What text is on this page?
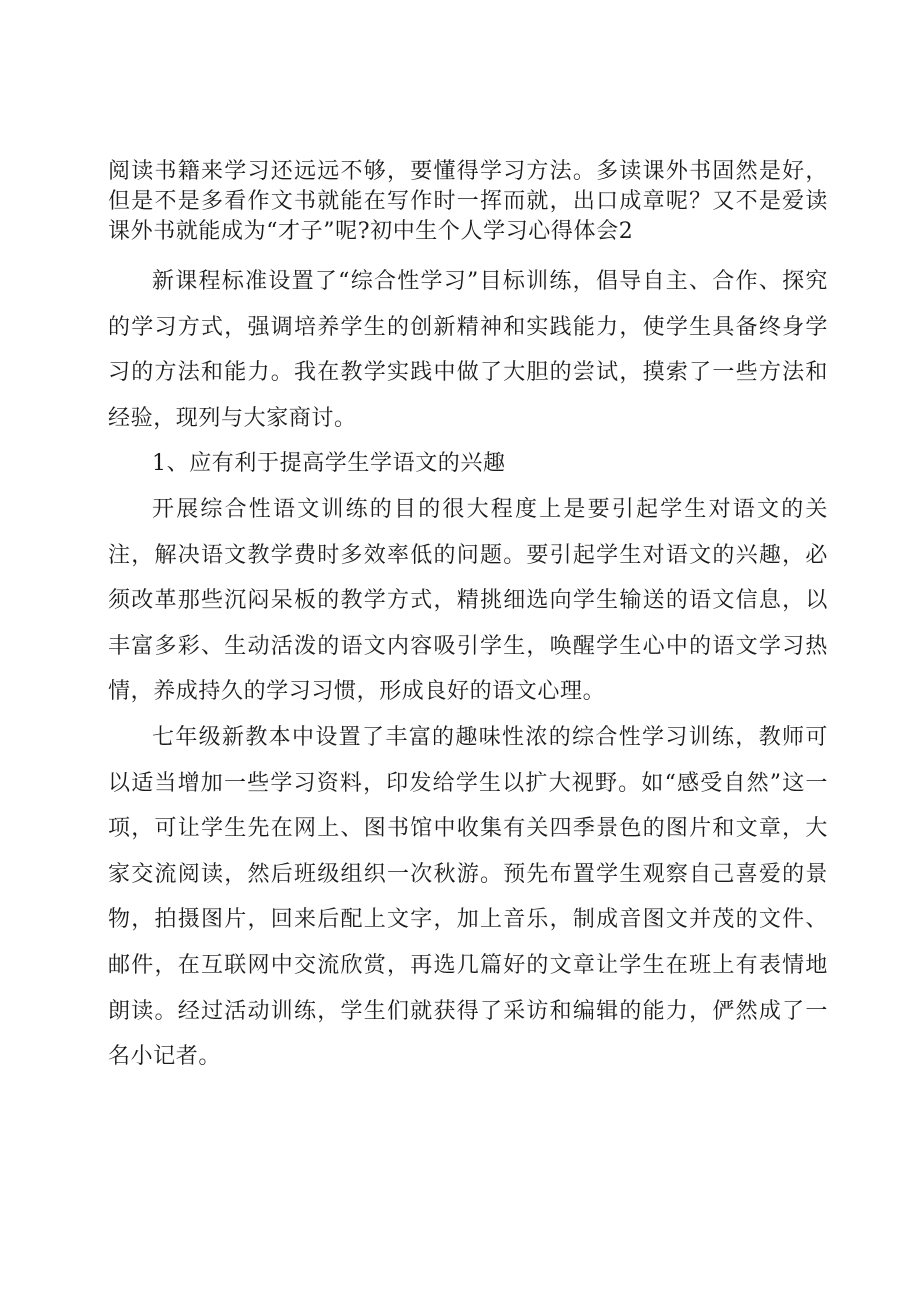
阅读书籍来学习还远远不够，要懂得学习方法。多读课外书固然是好，但是不是多看作文书就能在写作时一挥而就，出口成章呢？又不是爱读课外书就能成为“才子”呢?初中生个人学习心得体会2

新课程标准设置了“综合性学习”目标训练，倡导自主、合作、探究的学习方式，强调培养学生的创新精神和实践能力，使学生具备终身学习的方法和能力。我在教学实践中做了大胆的尝试，摸索了一些方法和经验，现列与大家商讨。

1、应有利于提高学生学语文的兴趣

开展综合性语文训练的目的很大程度上是要引起学生对语文的关注，解决语文教学费时多效率低的问题。要引起学生对语文的兴趣，必须改革那些沉闷呆板的教学方式，精挑细选向学生输送的语文信息，以丰富多彩、生动活泼的语文内容吸引学生，唤醒学生心中的语文学习热情，养成持久的学习习惯，形成良好的语文心理。

七年级新教本中设置了丰富的趣味性浓的综合性学习训练，教师可以适当增加一些学习资料，印发给学生以扩大视野。如“感受自然”这一项，可让学生先在网上、图书馆中收集有关四季景色的图片和文章，大家交流阅读，然后班级组织一次秋游。预先布置学生观察自己喜爱的景物，拍摄图片，回来后配上文字，加上音乐，制成音图文并茂的文件、邮件，在互联网中交流欣赏，再选几篇好的文章让学生在班上有表情地朗读。经过活动训练，学生们就获得了采访和编辑的能力，俨然成了一名小记者。
